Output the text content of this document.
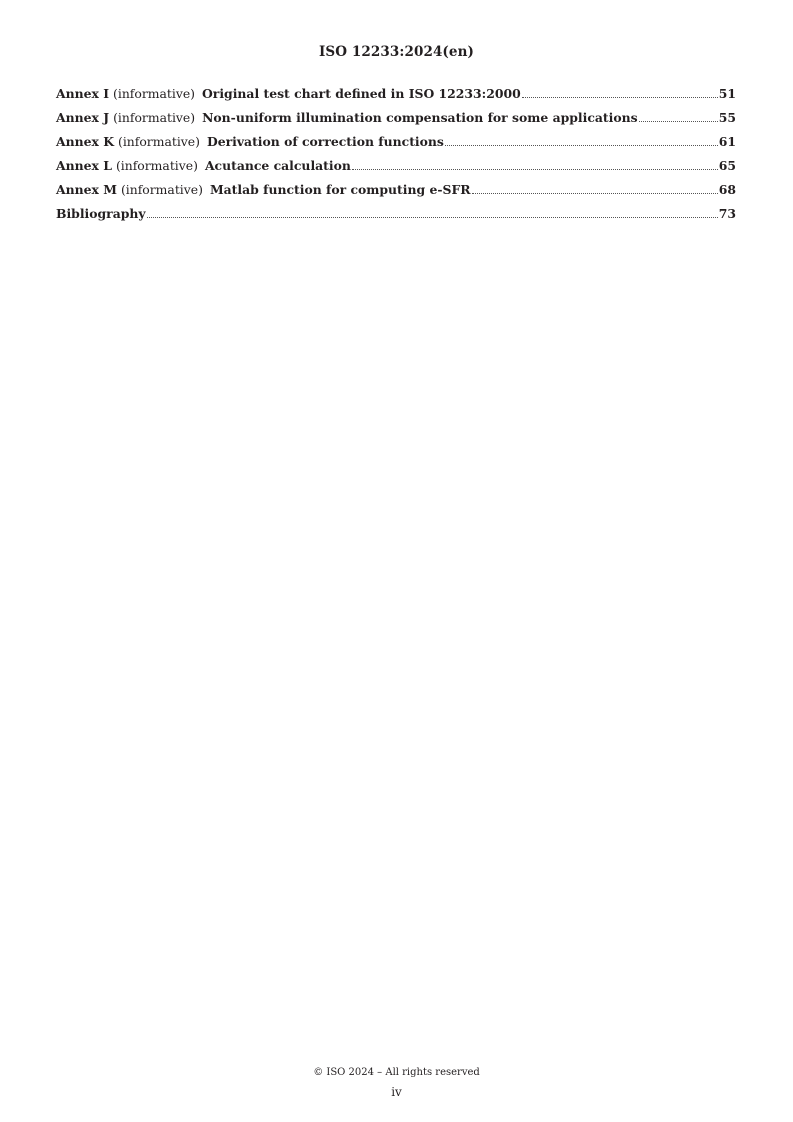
ISO 12233:2024(en)
Annex I (informative) Original test chart defined in ISO 12233:2000	51
Annex J (informative) Non-uniform illumination compensation for some applications	55
Annex K (informative) Derivation of correction functions	61
Annex L (informative) Acutance calculation	65
Annex M (informative) Matlab function for computing e-SFR	68
Bibliography	73
© ISO 2024 – All rights reserved
iv
